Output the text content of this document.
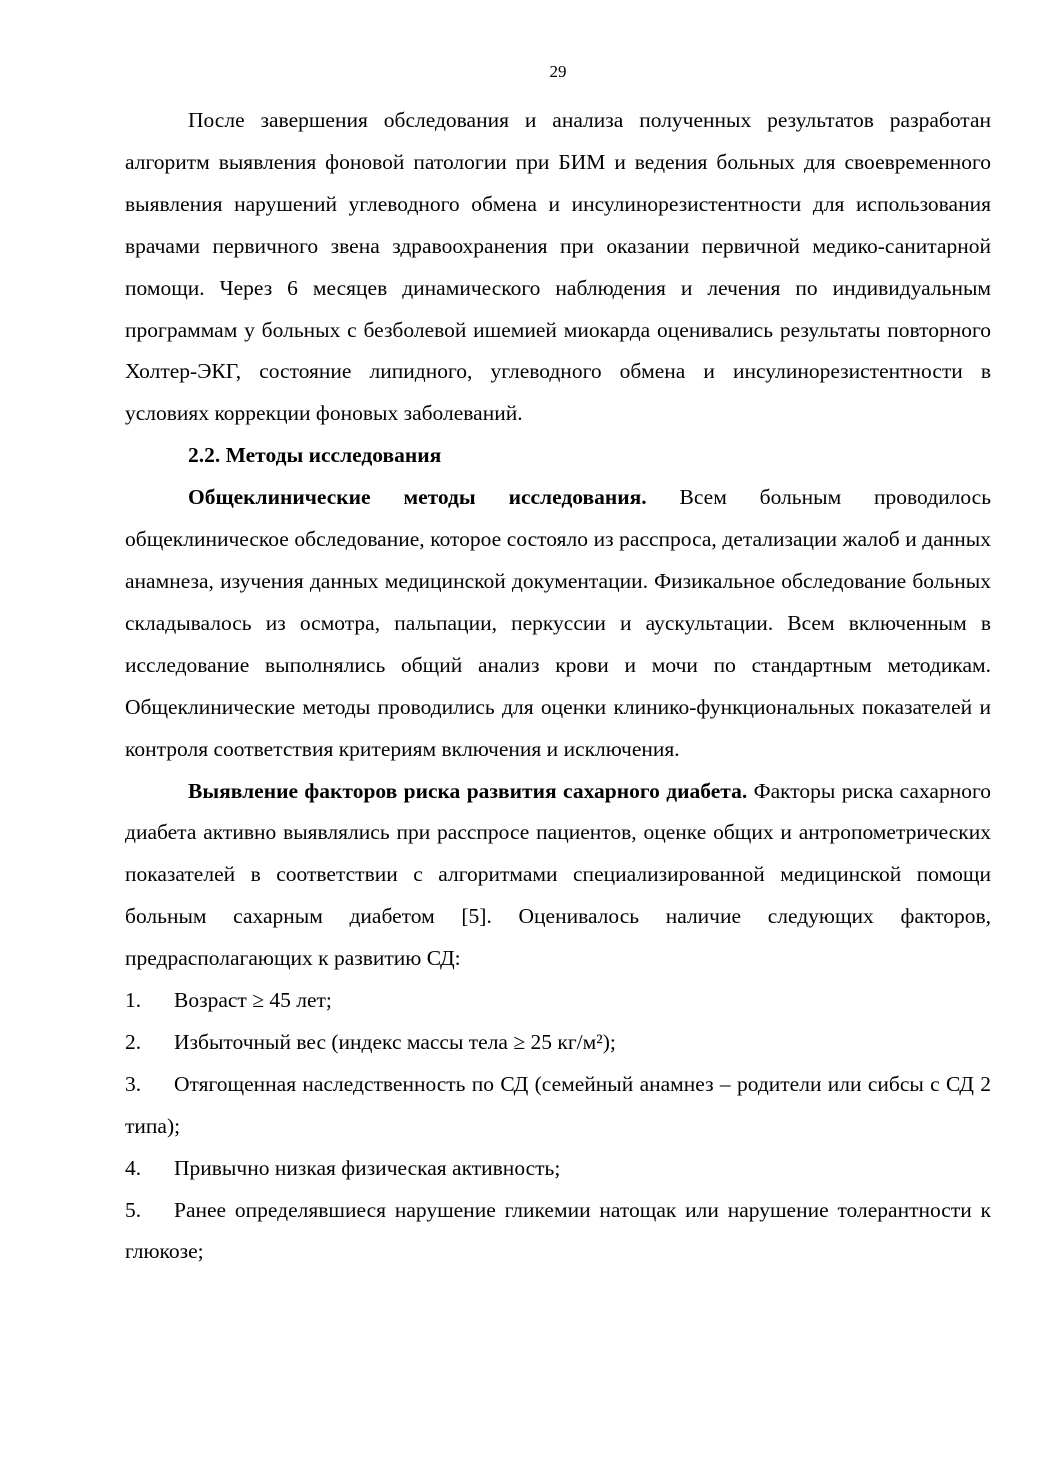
29

После завершения обследования и анализа полученных результатов разработан алгоритм выявления фоновой патологии при БИМ и ведения больных для своевременного выявления нарушений углеводного обмена и инсулинорезистентности для использования врачами первичного звена здравоохранения при оказании первичной медико-санитарной помощи. Через 6 месяцев динамического наблюдения и лечения по индивидуальным программам у больных с безболевой ишемией миокарда оценивались результаты повторного Холтер-ЭКГ, состояние липидного, углеводного обмена и инсулинорезистентности в условиях коррекции фоновых заболеваний.

2.2. Методы исследования

Общеклинические методы исследования. Всем больным проводилось общеклиническое обследование, которое состояло из расспроса, детализации жалоб и данных анамнеза, изучения данных медицинской документации. Физикальное обследование больных складывалось из осмотра, пальпации, перкуссии и аускультации. Всем включенным в исследование выполнялись общий анализ крови и мочи по стандартным методикам. Общеклинические методы проводились для оценки клинико-функциональных показателей и контроля соответствия критериям включения и исключения.

Выявление факторов риска развития сахарного диабета. Факторы риска сахарного диабета активно выявлялись при расспросе пациентов, оценке общих и антропометрических показателей в соответствии с алгоритмами специализированной медицинской помощи больным сахарным диабетом [5]. Оценивалось наличие следующих факторов, предрасполагающих к развитию СД:

1. Возраст ≥ 45 лет;
2. Избыточный вес (индекс массы тела ≥ 25 кг/м²);
3. Отягощенная наследственность по СД (семейный анамнез – родители или сибсы с СД 2 типа);
4. Привычно низкая физическая активность;
5. Ранее определявшиеся нарушение гликемии натощак или нарушение толерантности к глюкозе;
